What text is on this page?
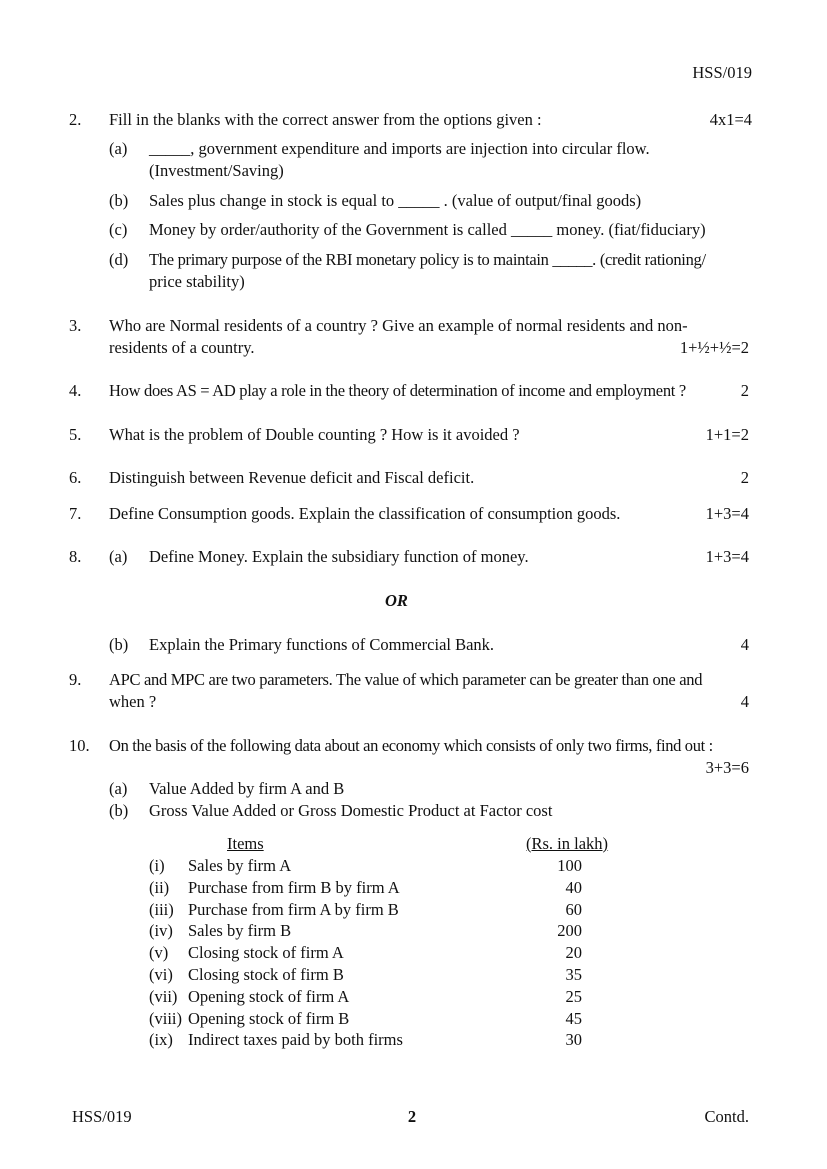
HSS/019
2. Fill in the blanks with the correct answer from the options given :	4x1=4
(a) _____, government expenditure and imports are injection into circular flow.
(Investment/Saving)
(b) Sales plus change in stock is equal to _____ . (value of output/final goods)
(c) Money by order/authority of the Government is called _____ money. (fiat/fiduciary)
(d) The primary purpose of the RBI monetary policy is to maintain _____. (credit rationing/
price stability)
3. Who are Normal residents of a country ? Give an example of normal residents and non-
residents of a country.	1+½+½=2
4. How does AS = AD play a role in the theory of determination of income and employment ?	2
5. What is the problem of Double counting ? How is it avoided ?	1+1=2
6. Distinguish between Revenue deficit and Fiscal deficit.	2
7. Define Consumption goods. Explain the classification of consumption goods.	1+3=4
8. (a) Define Money. Explain the subsidiary function of money.	1+3=4
OR
(b) Explain the Primary functions of Commercial Bank.	4
9. APC and MPC are two parameters. The value of which parameter can be greater than one and
when ?	4
10. On the basis of the following data about an economy which consists of only two firms, find out :
3+3=6
(a) Value Added by firm A and B
(b) Gross Value Added or Gross Domestic Product at Factor cost
Items	(Rs. in lakh)
(i) Sales by firm A	100
(ii) Purchase from firm B by firm A	40
(iii) Purchase from firm A by firm B	60
(iv) Sales by firm B	200
(v) Closing stock of firm A	20
(vi) Closing stock of firm B	35
(vii) Opening stock of firm A	25
(viii) Opening stock of firm B	45
(ix) Indirect taxes paid by both firms	30
HSS/019	2	Contd.
